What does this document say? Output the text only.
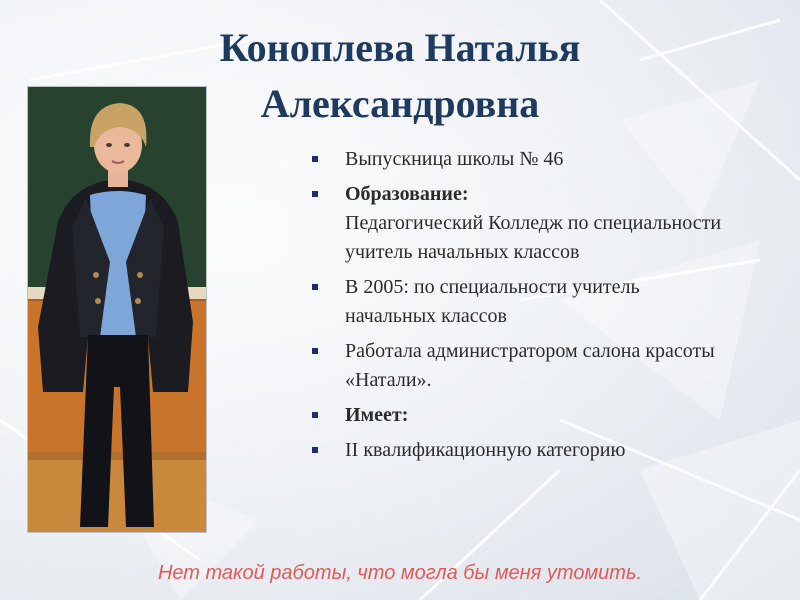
Коноплева Наталья
Александровна
Выпускница школы № 46
Образование:
Педагогический Колледж по специальности учитель начальных классов
В 2005: по специальности учитель начальных классов
Работала администратором салона красоты «Натали».
Имеет:
II квалификационную категорию

Нет такой работы, что могла бы меня утомить.
